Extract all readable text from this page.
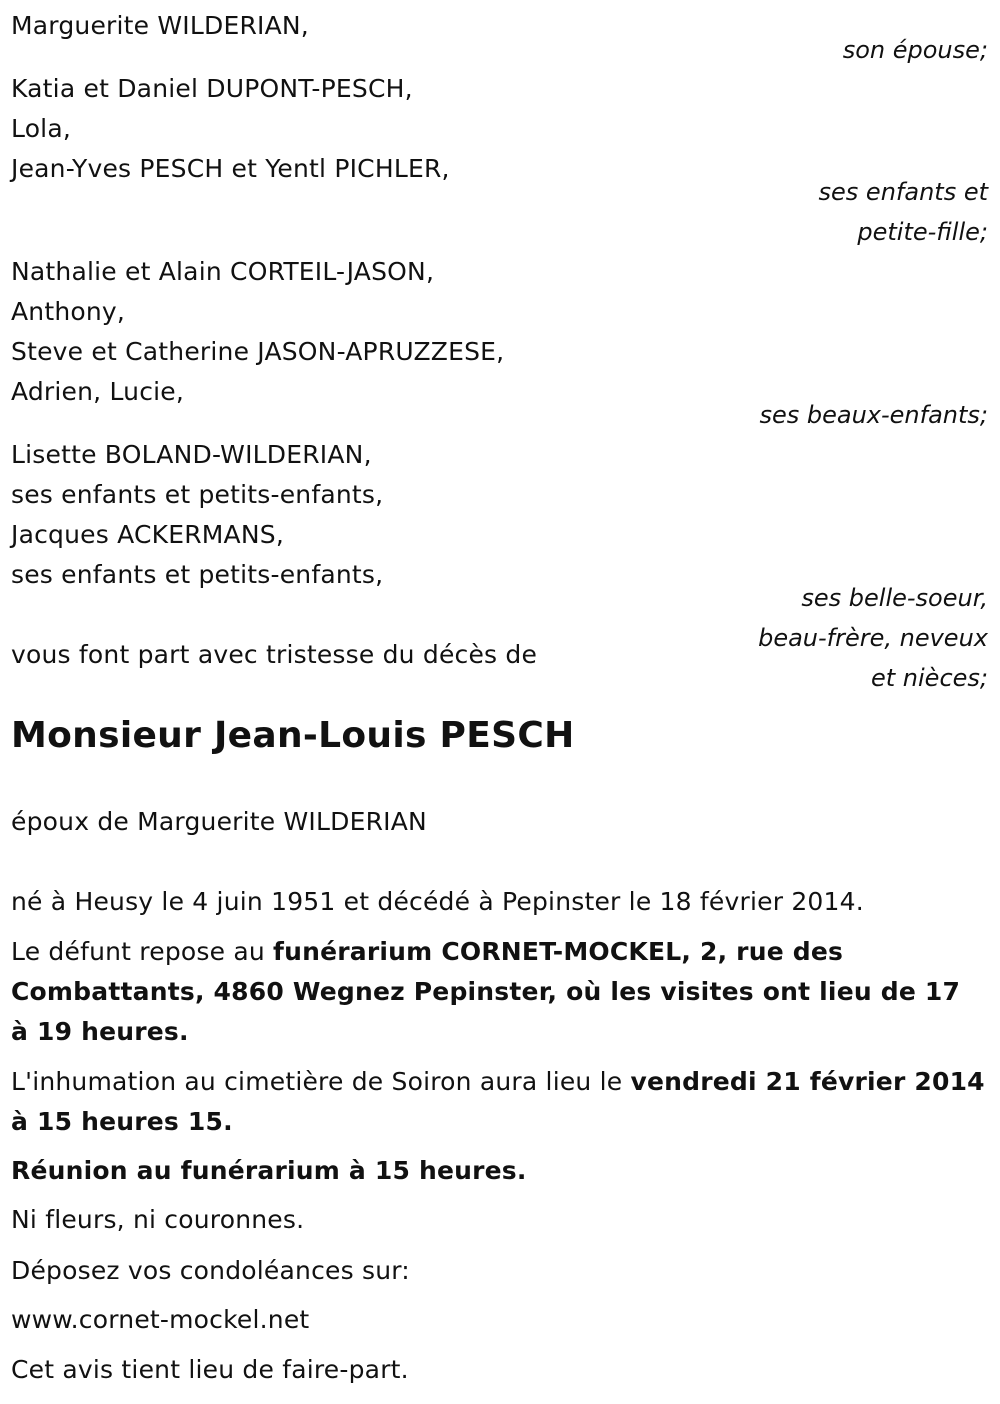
Marguerite WILDERIAN,
son épouse;
Katia et Daniel DUPONT-PESCH,
Lola,
Jean-Yves PESCH et Yentl PICHLER,
ses enfants et
petite-fille;
Nathalie et Alain CORTEIL-JASON,
Anthony,
Steve et Catherine JASON-APRUZZESE,
Adrien, Lucie,
ses beaux-enfants;
Lisette BOLAND-WILDERIAN,
ses enfants et petits-enfants,
Jacques ACKERMANS,
ses enfants et petits-enfants,
ses belle-soeur,
beau-frère, neveux
et nièces;
vous font part avec tristesse du décès de
Monsieur Jean-Louis PESCH
époux de Marguerite WILDERIAN
né à Heusy le 4 juin 1951 et décédé à Pepinster le 18 février 2014.
Le défunt repose au funérarium CORNET-MOCKEL, 2, rue des Combattants, 4860 Wegnez Pepinster, où les visites ont lieu de 17 à 19 heures.
L'inhumation au cimetière de Soiron aura lieu le vendredi 21 février 2014 à 15 heures 15.
Réunion au funérarium à 15 heures.
Ni fleurs, ni couronnes.
Déposez vos condoléances sur:
www.cornet-mockel.net
Cet avis tient lieu de faire-part.
